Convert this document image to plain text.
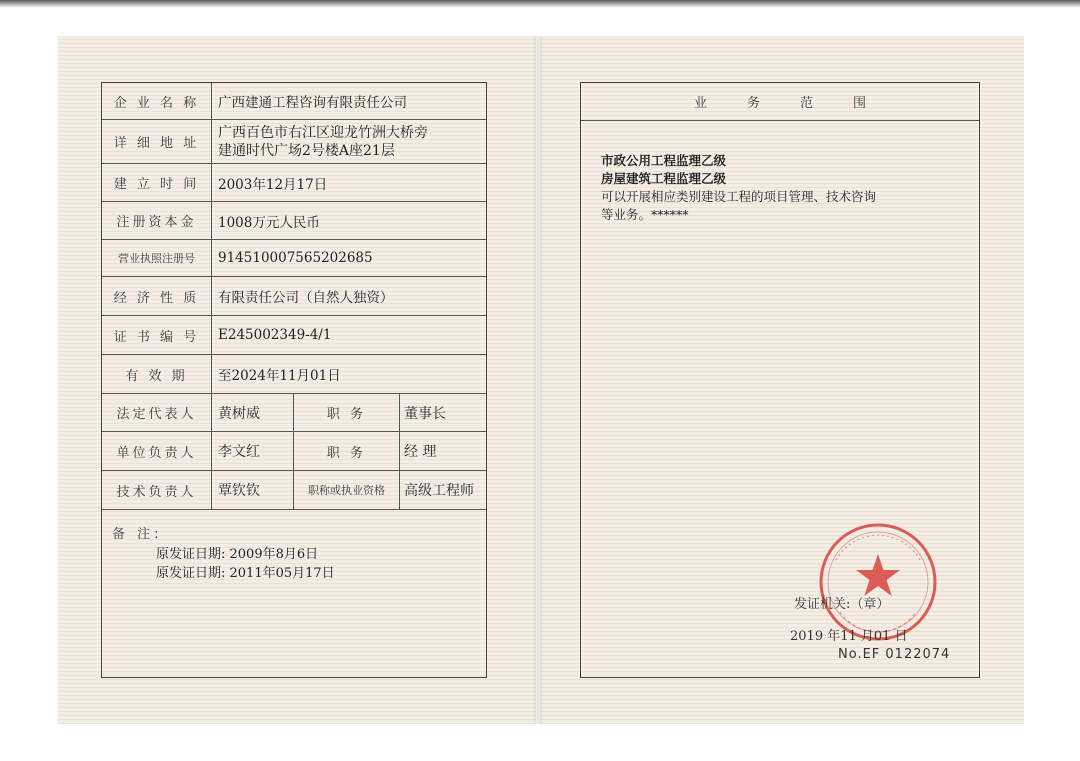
企 业 名 称	广西建通工程咨询有限责任公司
详 细 地 址
广西百色市右江区迎龙竹洲大桥旁
建通时代广场2号楼A座21层
建 立 时 间	2003年12月17日
注册资本金	1008万元人民币
营业执照注册号	914510007565202685
经 济 性 质	有限责任公司（自然人独资）
证 书 编 号	E245002349-4/1
有 效 期	至2024年11月01日
法定代表人	黄树威	职 务	董事长
单位负责人	李文红	职 务	经 理
技术负责人	覃钦钦	职称或执业资格	高级工程师
备 注:
原发证日期: 2009年8月6日
原发证日期: 2011年05月17日
业务范围
市政公用工程监理乙级
房屋建筑工程监理乙级
可以开展相应类别建设工程的项目管理、技术咨询
等业务。******
发证机关:（章）
2019 年11 月01 日
No.EF 0122074
